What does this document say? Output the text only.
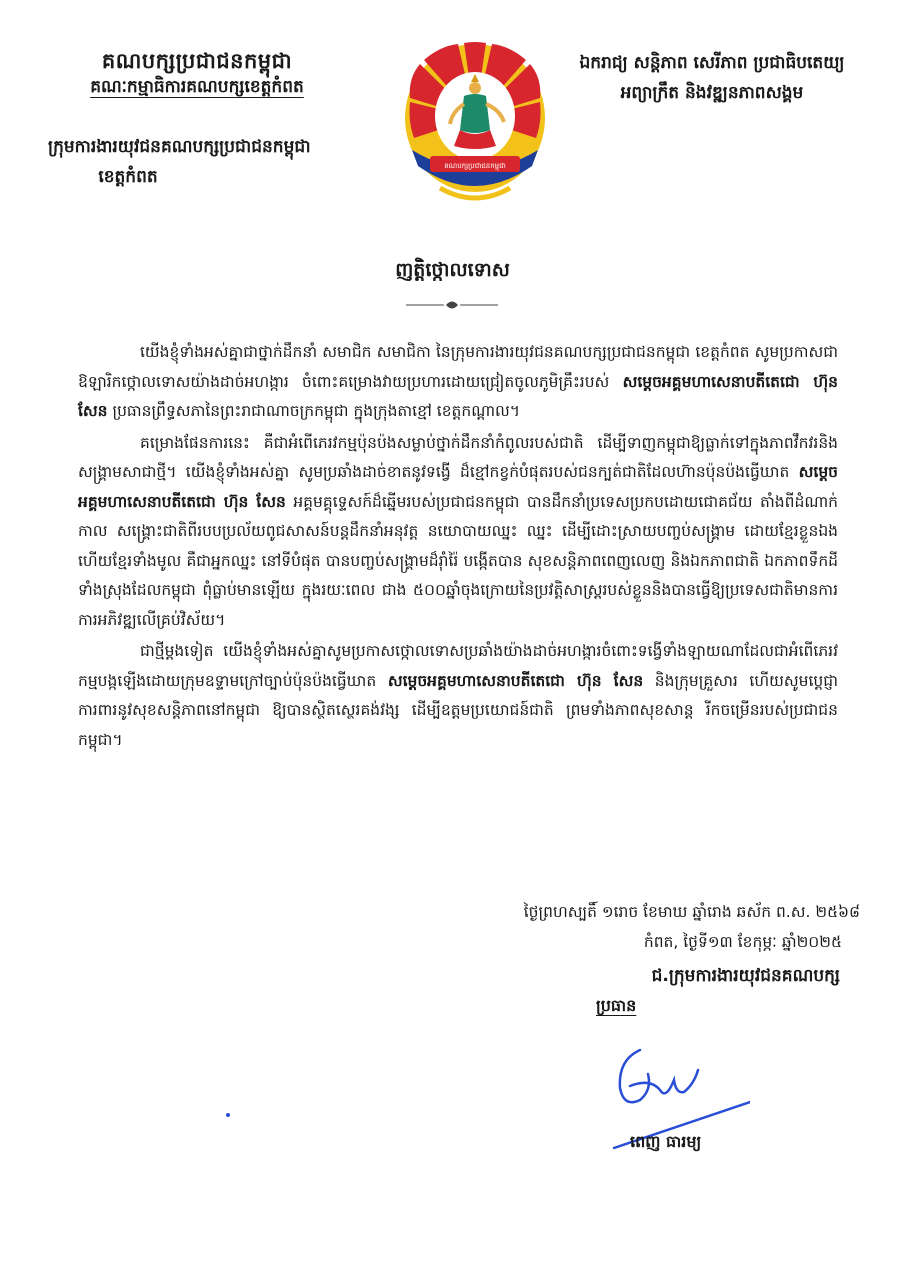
គណបក្សប្រជាជនកម្ពុជា
គណៈកម្មាធិការគណបក្សខេត្តកំពត
ក្រុមការងារយុវជនគណបក្សប្រជាជនកម្ពុជា
ខេត្តកំពត
គណបក្សប្រជាជនកម្ពុជា
ឯករាជ្យ សន្តិភាព សេរីភាព ប្រជាធិបតេយ្យ
អព្យាក្រឹត និងវឌ្ឍនភាពសង្គម
ញត្តិថ្កោលទោស

យើងខ្ញុំទាំងអស់គ្នាជាថ្នាក់ដឹកនាំ សមាជិក សមាជិកា នៃក្រុមការងារយុវជនគណបក្សប្រជាជនកម្ពុជា ខេត្តកំពត សូមប្រកាសជាឱឡារិកថ្កោលទោសយ៉ាងដាច់អហង្ការ ចំពោះគម្រោងវាយប្រហារដោយជ្រៀតចូលភូមិគ្រឹះរបស់ សម្តេចអគ្គមហាសេនាបតីតេជោ ហ៊ុន សែន ប្រធានព្រឹទ្ធសភានៃព្រះរាជាណាចក្រកម្ពុជា ក្នុងក្រុងតាខ្មៅ ខេត្តកណ្តាល។

គម្រោងផែនការនេះ គឺជាអំពើភេរវកម្មប៉ុនប៉ងសម្លាប់ថ្នាក់ដឹកនាំកំពូលរបស់ជាតិ ដើម្បីទាញកម្ពុជាឱ្យធ្លាក់ទៅក្នុងភាពវឹកវរនិងសង្គ្រាមសាជាថ្មី។ យើងខ្ញុំទាំងអស់គ្នា សូមប្រឆាំងដាច់ខាតនូវទង្វើ ដ៏ខ្មៅកខ្វក់បំផុតរបស់ជនក្បត់ជាតិដែលហ៊ានប៉ុនប៉ងធ្វើឃាត សម្តេចអគ្គមហាសេនាបតីតេជោ ហ៊ុន សែន អគ្គមគ្គុទ្ទេសក៍ដ៏ឆ្នើមរបស់ប្រជាជនកម្ពុជា បានដឹកនាំប្រទេសប្រកបដោយជោគជ័យ តាំងពីដំណាក់កាល សង្គ្រោះជាតិពីរបបប្រល័យពូជសាសន៍បន្តដឹកនាំអនុវត្ត នយោបាយឈ្នះ ឈ្នះ ដើម្បីដោះស្រាយបញ្ចប់សង្គ្រាម ដោយខ្មែរខ្លួនឯង ហើយខ្មែរទាំងមូល គឺជាអ្នកឈ្នះ នៅទីបំផុត បានបញ្ចប់សង្គ្រាមដ៏រ៉ាំរ៉ៃ បង្កើតបាន សុខសន្តិភាពពេញលេញ និងឯកភាពជាតិ ឯកភាពទឹកដី ទាំងស្រុងដែលកម្ពុជា ពុំធ្លាប់មានឡើយ ក្នុងរយៈពេល ជាង ៥០០ឆ្នាំចុងក្រោយនៃប្រវត្តិសាស្ត្ររបស់ខ្លួននិងបានធ្វើឱ្យប្រទេសជាតិមានការ ការអភិវឌ្ឍលើគ្រប់វិស័យ។

ជាថ្មីម្តងទៀត យើងខ្ញុំទាំងអស់គ្នាសូមប្រកាសថ្កោលទោសប្រឆាំងយ៉ាងដាច់អហង្ការចំពោះទង្វើទាំងឡាយណាដែលជាអំពើភេរវកម្មបង្កឡើងដោយក្រុមឧទ្ទាមក្រៅច្បាប់ប៉ុនប៉ងធ្វើឃាត សម្តេចអគ្គមហាសេនាបតីតេជោ ហ៊ុន សែន និងក្រុមគ្រួសារ ហើយសូមប្តេជ្ញាការពារនូវសុខសន្តិភាពនៅកម្ពុជា ឱ្យបានស្ថិតស្ថេរគង់វង្ស ដើម្បីឧត្តមប្រយោជន៍ជាតិ ព្រមទាំងភាពសុខសាន្ត រីកចម្រើនរបស់ប្រជាជនកម្ពុជា។

ថ្ងៃព្រហស្បតិ៍ ១រោច ខែមាឃ ឆ្នាំរោង ឆស័ក ព.ស. ២៥៦៨
កំពត, ថ្ងៃទី១៣ ខែកុម្ភៈ ឆ្នាំ២០២៥
ជ.ក្រុមការងារយុវជនគណបក្ស
ប្រធាន
ពេញ ធារម្យ
